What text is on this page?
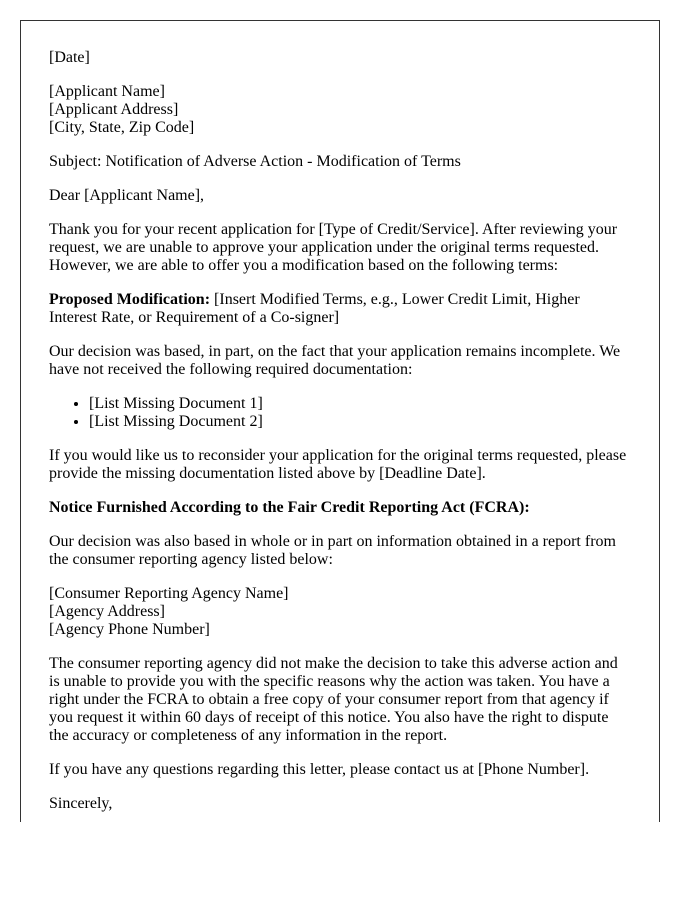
[Date]

[Applicant Name]
[Applicant Address]
[City, State, Zip Code]

Subject: Notification of Adverse Action - Modification of Terms

Dear [Applicant Name],

Thank you for your recent application for [Type of Credit/Service]. After reviewing your request, we are unable to approve your application under the original terms requested. However, we are able to offer you a modification based on the following terms:

Proposed Modification: [Insert Modified Terms, e.g., Lower Credit Limit, Higher Interest Rate, or Requirement of a Co-signer]

Our decision was based, in part, on the fact that your application remains incomplete. We have not received the following required documentation:

• [List Missing Document 1]
• [List Missing Document 2]

If you would like us to reconsider your application for the original terms requested, please provide the missing documentation listed above by [Deadline Date].

Notice Furnished According to the Fair Credit Reporting Act (FCRA):

Our decision was also based in whole or in part on information obtained in a report from the consumer reporting agency listed below:

[Consumer Reporting Agency Name]
[Agency Address]
[Agency Phone Number]

The consumer reporting agency did not make the decision to take this adverse action and is unable to provide you with the specific reasons why the action was taken. You have a right under the FCRA to obtain a free copy of your consumer report from that agency if you request it within 60 days of receipt of this notice. You also have the right to dispute the accuracy or completeness of any information in the report.

If you have any questions regarding this letter, please contact us at [Phone Number].

Sincerely,
